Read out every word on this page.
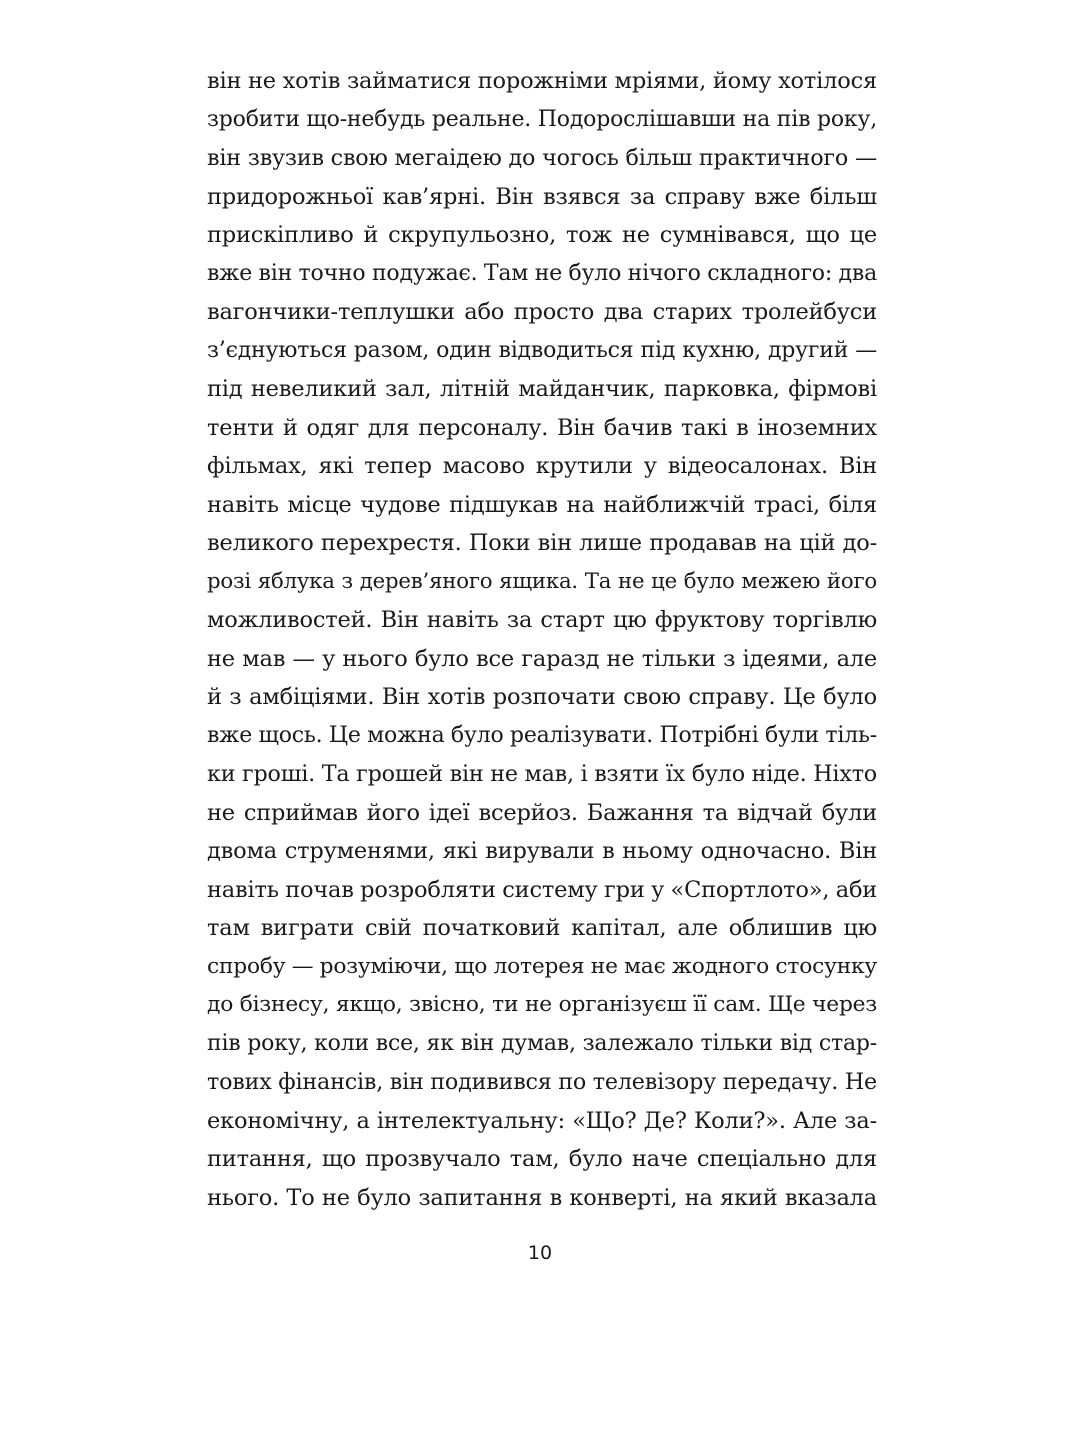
він не хотів займатися порожніми мріями, йому хотілося
зробити що-небудь реальне. Подорослішавши на пів року,
він звузив свою мегаідею до чогось більш практичного —
придорожньої кав’ярні. Він взявся за справу вже більш
прискіпливо й скрупульозно, тож не сумнівався, що це
вже він точно подужає. Там не було нічого складного: два
вагончики-теплушки або просто два старих тролейбуси
з’єднуються разом, один відводиться під кухню, другий —
під невеликий зал, літній майданчик, парковка, фірмові
тенти й одяг для персоналу. Він бачив такі в іноземних
фільмах, які тепер масово крутили у відеосалонах. Він
навіть місце чудове підшукав на найближчій трасі, біля
великого перехрестя. Поки він лише продавав на цій до-
розі яблука з дерев’яного ящика. Та не це було межею його
можливостей. Він навіть за старт цю фруктову торгівлю
не мав — у нього було все гаразд не тільки з ідеями, але
й з амбіціями. Він хотів розпочати свою справу. Це було
вже щось. Це можна було реалізувати. Потрібні були тіль-
ки гроші. Та грошей він не мав, і взяти їх було ніде. Ніхто
не сприймав його ідеї всерйоз. Бажання та відчай були
двома струменями, які вирували в ньому одночасно. Він
навіть почав розробляти систему гри у «Спортлото», аби
там виграти свій початковий капітал, але облишив цю
спробу — розуміючи, що лотерея не має жодного стосунку
до бізнесу, якщо, звісно, ти не організуєш її сам. Ще через
пів року, коли все, як він думав, залежало тільки від стар-
тових фінансів, він подивився по телевізору передачу. Не
економічну, а інтелектуальну: «Що? Де? Коли?». Але за-
питання, що прозвучало там, було наче спеціально для
нього. То не було запитання в конверті, на який вказала
10
